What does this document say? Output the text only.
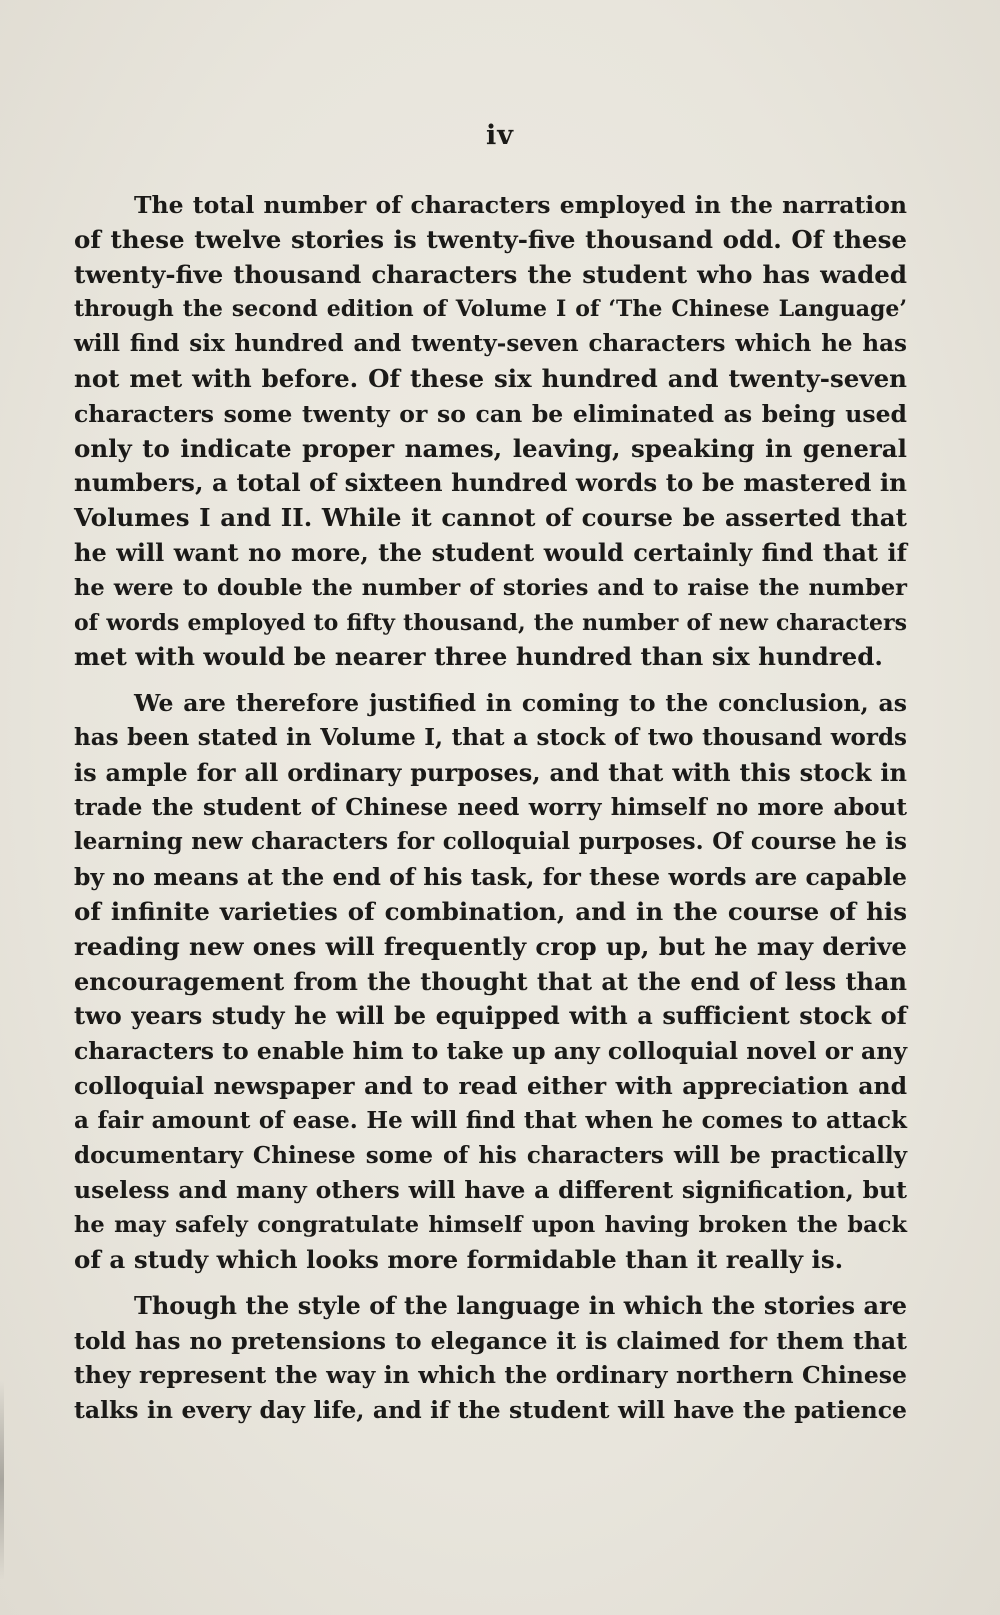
iv
The total number of characters employed in the narration
of these twelve stories is twenty-five thousand odd. Of these
twenty-five thousand characters the student who has waded
through the second edition of Volume I of ‘The Chinese Language’
will find six hundred and twenty-seven characters which he has
not met with before. Of these six hundred and twenty-seven
characters some twenty or so can be eliminated as being used
only to indicate proper names, leaving, speaking in general
numbers, a total of sixteen hundred words to be mastered in
Volumes I and II. While it cannot of course be asserted that
he will want no more, the student would certainly find that if
he were to double the number of stories and to raise the number
of words employed to fifty thousand, the number of new characters
met with would be nearer three hundred than six hundred.
We are therefore justified in coming to the conclusion, as
has been stated in Volume I, that a stock of two thousand words
is ample for all ordinary purposes, and that with this stock in
trade the student of Chinese need worry himself no more about
learning new characters for colloquial purposes. Of course he is
by no means at the end of his task, for these words are capable
of infinite varieties of combination, and in the course of his
reading new ones will frequently crop up, but he may derive
encouragement from the thought that at the end of less than
two years study he will be equipped with a sufficient stock of
characters to enable him to take up any colloquial novel or any
colloquial newspaper and to read either with appreciation and
a fair amount of ease. He will find that when he comes to attack
documentary Chinese some of his characters will be practically
useless and many others will have a different signification, but
he may safely congratulate himself upon having broken the back
of a study which looks more formidable than it really is.
Though the style of the language in which the stories are
told has no pretensions to elegance it is claimed for them that
they represent the way in which the ordinary northern Chinese
talks in every day life, and if the student will have the patience
